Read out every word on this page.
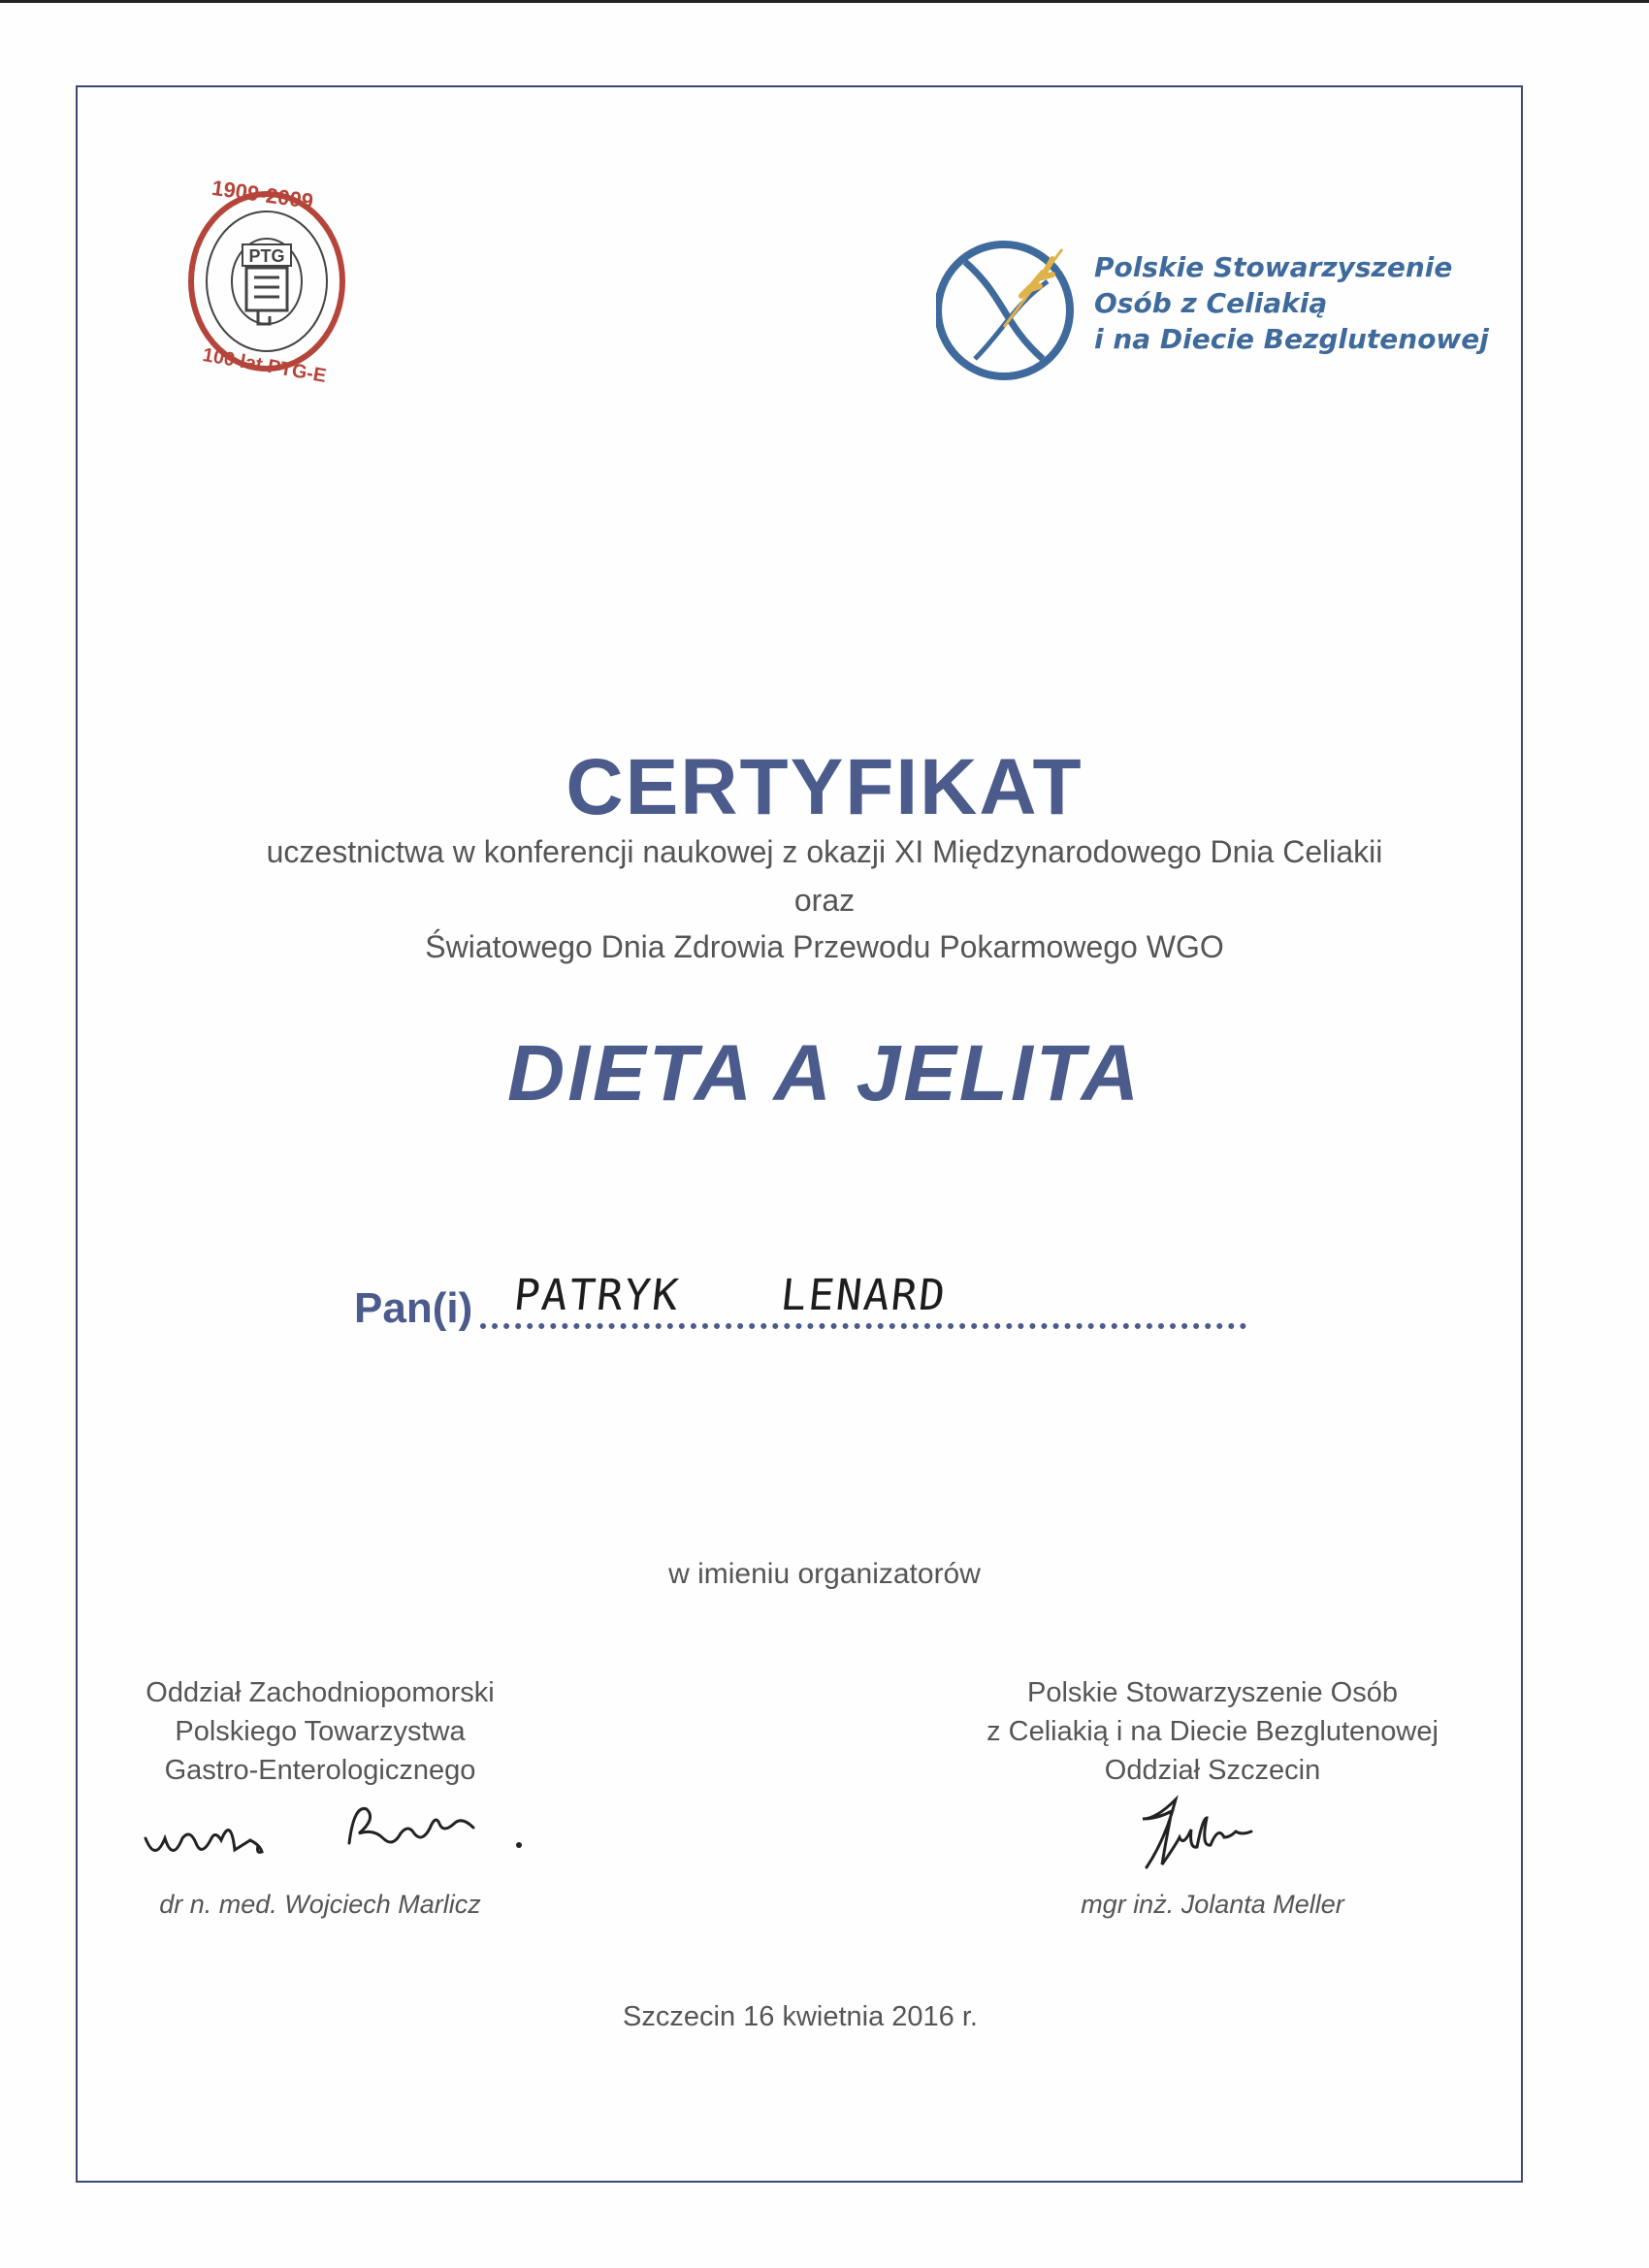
1909-2009
PTG
100 lat PTG-E
Polskie Stowarzyszenie
Osób z Celiakią
i na Diecie Bezglutenowej
CERTYFIKAT
uczestnictwa w konferencji naukowej z okazji XI Międzynarodowego Dnia Celiakii
oraz
Światowego Dnia Zdrowia Przewodu Pokarmowego WGO
DIETA A JELITA
Pan(i) PATRYK LENARD
w imieniu organizatorów
Oddział Zachodniopomorski
Polskiego Towarzystwa
Gastro-Enterologicznego
Polskie Stowarzyszenie Osób
z Celiakią i na Diecie Bezglutenowej
Oddział Szczecin
dr n. med. Wojciech Marlicz	mgr inż. Jolanta Meller
Szczecin 16 kwietnia 2016 r.
